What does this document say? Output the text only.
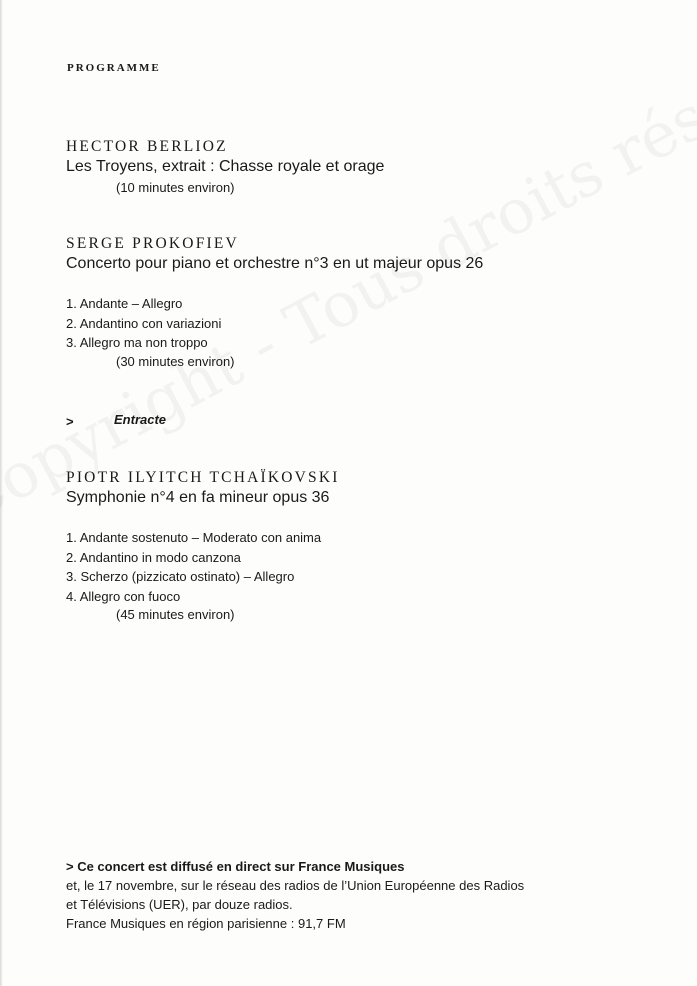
PROGRAMME
HECTOR BERLIOZ
Les Troyens, extrait : Chasse royale et orage
(10 minutes environ)
SERGE PROKOFIEV
Concerto pour piano et orchestre n°3 en ut majeur opus 26
1. Andante – Allegro
2. Andantino con variazioni
3. Allegro ma non troppo
(30 minutes environ)
>	Entracte
PIOTR ILYITCH TCHAÏKOVSKI
Symphonie n°4 en fa mineur opus 36
1. Andante sostenuto – Moderato con anima
2. Andantino in modo canzona
3. Scherzo (pizzicato ostinato) – Allegro
4. Allegro con fuoco
(45 minutes environ)
> Ce concert est diffusé en direct sur France Musiques
et, le 17 novembre, sur le réseau des radios de l’Union Européenne des Radios
et Télévisions (UER), par douze radios.
France Musiques en région parisienne : 91,7 FM
